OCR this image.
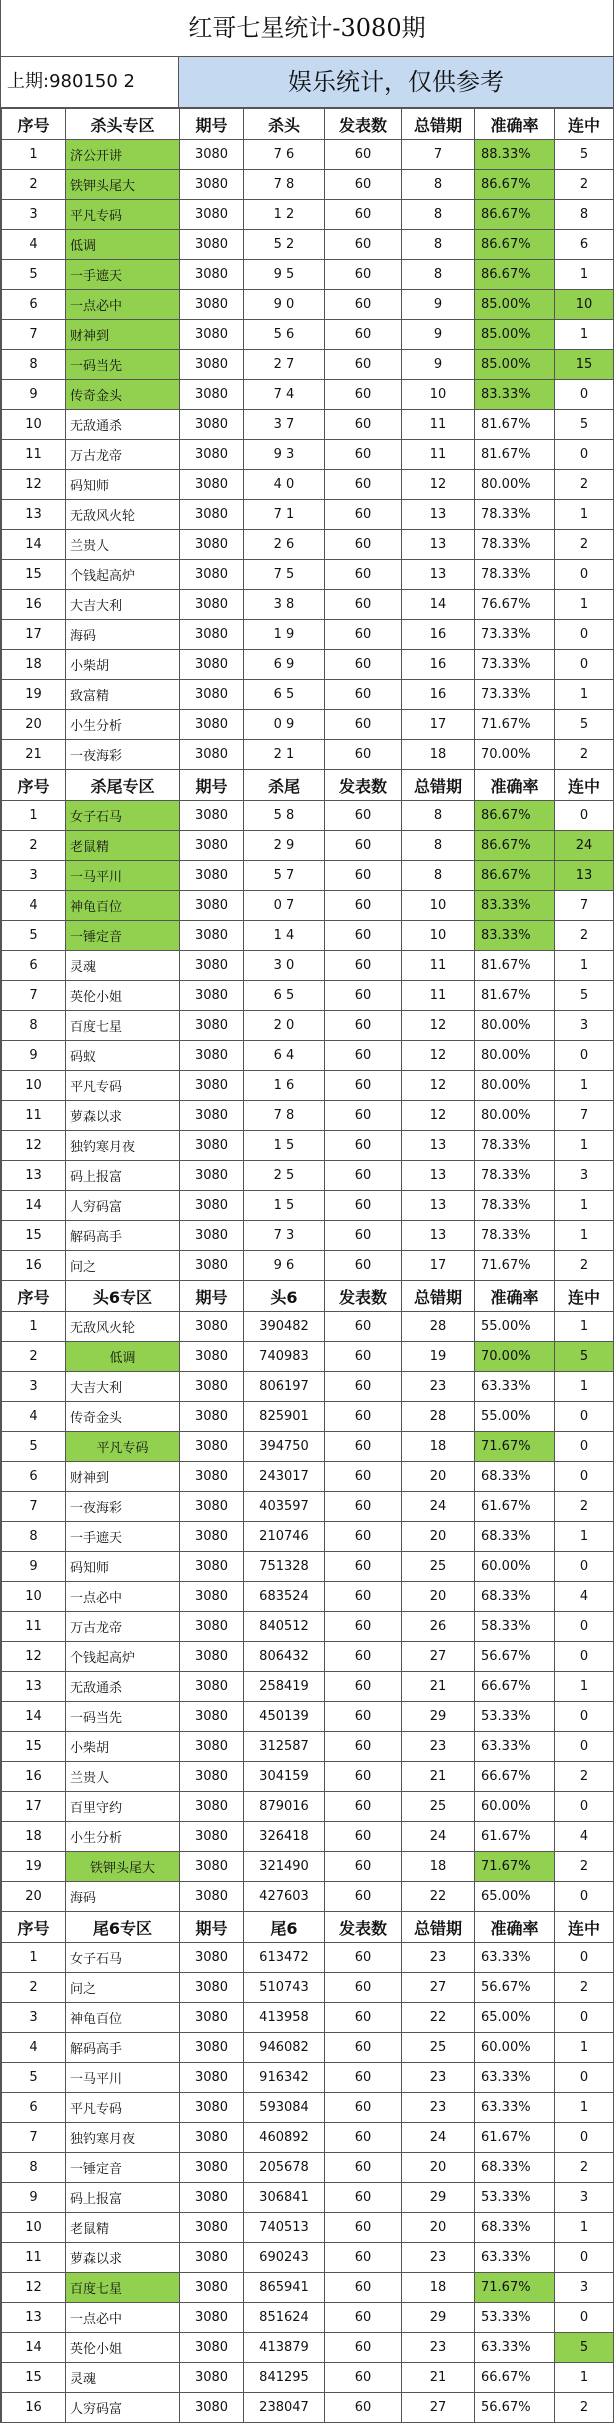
红哥七星统计-3080期
上期:980150 2	娱乐统计，仅供参考
序号	杀头专区	期号	杀头	发表数	总错期	准确率	连中
1	济公开讲	3080	7 6	60	7	88.33%	5
2	铁钾头尾大	3080	7 8	60	8	86.67%	2
3	平凡专码	3080	1 2	60	8	86.67%	8
4	低调	3080	5 2	60	8	86.67%	6
5	一手遮天	3080	9 5	60	8	86.67%	1
6	一点必中	3080	9 0	60	9	85.00%	10
7	财神到	3080	5 6	60	9	85.00%	1
8	一码当先	3080	2 7	60	9	85.00%	15
9	传奇金头	3080	7 4	60	10	83.33%	0
10	无敌通杀	3080	3 7	60	11	81.67%	5
11	万古龙帝	3080	9 3	60	11	81.67%	0
12	码知师	3080	4 0	60	12	80.00%	2
13	无敌风火轮	3080	7 1	60	13	78.33%	1
14	兰贵人	3080	2 6	60	13	78.33%	2
15	个钱起高炉	3080	7 5	60	13	78.33%	0
16	大吉大利	3080	3 8	60	14	76.67%	1
17	海码	3080	1 9	60	16	73.33%	0
18	小柴胡	3080	6 9	60	16	73.33%	0
19	致富精	3080	6 5	60	16	73.33%	1
20	小生分析	3080	0 9	60	17	71.67%	5
21	一夜海彩	3080	2 1	60	18	70.00%	2
序号	杀尾专区	期号	杀尾	发表数	总错期	准确率	连中
1	女子石马	3080	5 8	60	8	86.67%	0
2	老鼠精	3080	2 9	60	8	86.67%	24
3	一马平川	3080	5 7	60	8	86.67%	13
4	神龟百位	3080	0 7	60	10	83.33%	7
5	一锤定音	3080	1 4	60	10	83.33%	2
6	灵魂	3080	3 0	60	11	81.67%	1
7	英伦小姐	3080	6 5	60	11	81.67%	5
8	百度七星	3080	2 0	60	12	80.00%	3
9	码蚁	3080	6 4	60	12	80.00%	0
10	平凡专码	3080	1 6	60	12	80.00%	1
11	萝森以求	3080	7 8	60	12	80.00%	7
12	独钓寒月夜	3080	1 5	60	13	78.33%	1
13	码上报富	3080	2 5	60	13	78.33%	3
14	人穷码富	3080	1 5	60	13	78.33%	1
15	解码高手	3080	7 3	60	13	78.33%	1
16	问之	3080	9 6	60	17	71.67%	2
序号	头6专区	期号	头6	发表数	总错期	准确率	连中
1	无敌风火轮	3080	390482	60	28	55.00%	1
2	低调	3080	740983	60	19	70.00%	5
3	大吉大利	3080	806197	60	23	63.33%	1
4	传奇金头	3080	825901	60	28	55.00%	0
5	平凡专码	3080	394750	60	18	71.67%	0
6	财神到	3080	243017	60	20	68.33%	0
7	一夜海彩	3080	403597	60	24	61.67%	2
8	一手遮天	3080	210746	60	20	68.33%	1
9	码知师	3080	751328	60	25	60.00%	0
10	一点必中	3080	683524	60	20	68.33%	4
11	万古龙帝	3080	840512	60	26	58.33%	0
12	个钱起高炉	3080	806432	60	27	56.67%	0
13	无敌通杀	3080	258419	60	21	66.67%	1
14	一码当先	3080	450139	60	29	53.33%	0
15	小柴胡	3080	312587	60	23	63.33%	0
16	兰贵人	3080	304159	60	21	66.67%	2
17	百里守约	3080	879016	60	25	60.00%	0
18	小生分析	3080	326418	60	24	61.67%	4
19	铁钾头尾大	3080	321490	60	18	71.67%	2
20	海码	3080	427603	60	22	65.00%	0
序号	尾6专区	期号	尾6	发表数	总错期	准确率	连中
1	女子石马	3080	613472	60	23	63.33%	0
2	问之	3080	510743	60	27	56.67%	2
3	神龟百位	3080	413958	60	22	65.00%	0
4	解码高手	3080	946082	60	25	60.00%	1
5	一马平川	3080	916342	60	23	63.33%	0
6	平凡专码	3080	593084	60	23	63.33%	1
7	独钓寒月夜	3080	460892	60	24	61.67%	0
8	一锤定音	3080	205678	60	20	68.33%	2
9	码上报富	3080	306841	60	29	53.33%	3
10	老鼠精	3080	740513	60	20	68.33%	1
11	萝森以求	3080	690243	60	23	63.33%	0
12	百度七星	3080	865941	60	18	71.67%	3
13	一点必中	3080	851624	60	29	53.33%	0
14	英伦小姐	3080	413879	60	23	63.33%	5
15	灵魂	3080	841295	60	21	66.67%	1
16	人穷码富	3080	238047	60	27	56.67%	2
